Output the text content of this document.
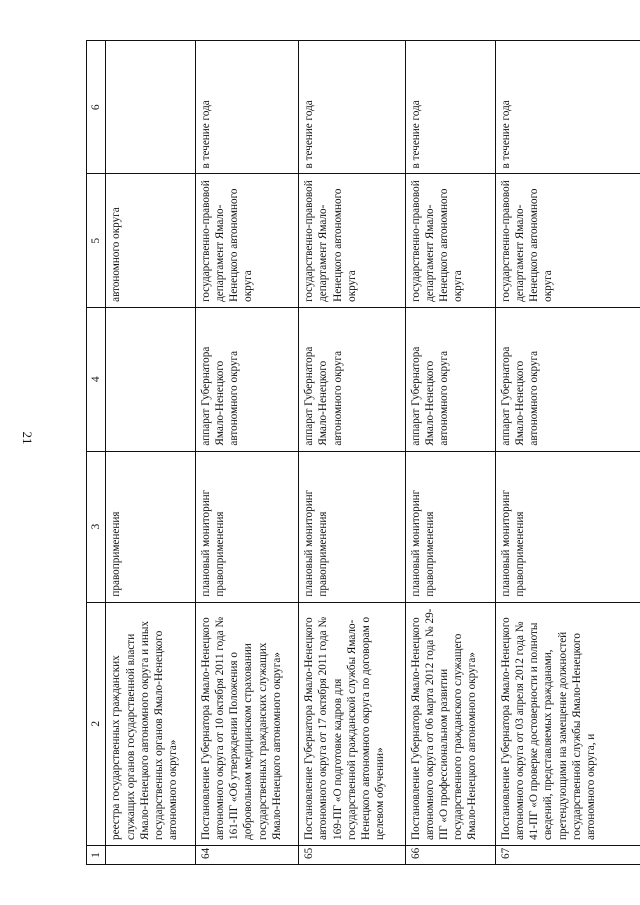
21
1	2	3	4	5	6
	реестра государственных гражданских служащих органов государственной власти Ямало-Ненецкого автономного округа и иных государственных органов Ямало-Ненецкого автономного округа»	правоприменения		автономного округа	
64	Постановление Губернатора Ямало-Ненецкого автономного округа от 10 октября 2011 года № 161-ПГ «Об утверждении Положения о добровольном медицинском страховании государственных гражданских служащих Ямало-Ненецкого автономного округа»	плановый мониторинг правоприменения	аппарат Губернатора Ямало-Ненецкого автономного округа	государственно-правовой департамент Ямало-Ненецкого автономного округа	в течение года
65	Постановление Губернатора Ямало-Ненецкого автономного округа от 17 октября 2011 года № 169-ПГ «О подготовке кадров для государственной гражданской службы Ямало-Ненецкого автономного округа по договорам о целевом обучении»	плановый мониторинг правоприменения	аппарат Губернатора Ямало-Ненецкого автономного округа	государственно-правовой департамент Ямало-Ненецкого автономного округа	в течение года
66	Постановление Губернатора Ямало-Ненецкого автономного округа от 06 марта 2012 года № 29-ПГ «О профессиональном развитии государственного гражданского служащего Ямало-Ненецкого автономного округа»	плановый мониторинг правоприменения	аппарат Губернатора Ямало-Ненецкого автономного округа	государственно-правовой департамент Ямало-Ненецкого автономного округа	в течение года
67	Постановление Губернатора Ямало-Ненецкого автономного округа от 03 апреля 2012 года № 41-ПГ «О проверке достоверности и полноты сведений, представляемых гражданами, претендующими на замещение должностей государственной службы Ямало-Ненецкого автономного округа, и	плановый мониторинг правоприменения	аппарат Губернатора Ямало-Ненецкого автономного округа	государственно-правовой департамент Ямало-Ненецкого автономного округа	в течение года
